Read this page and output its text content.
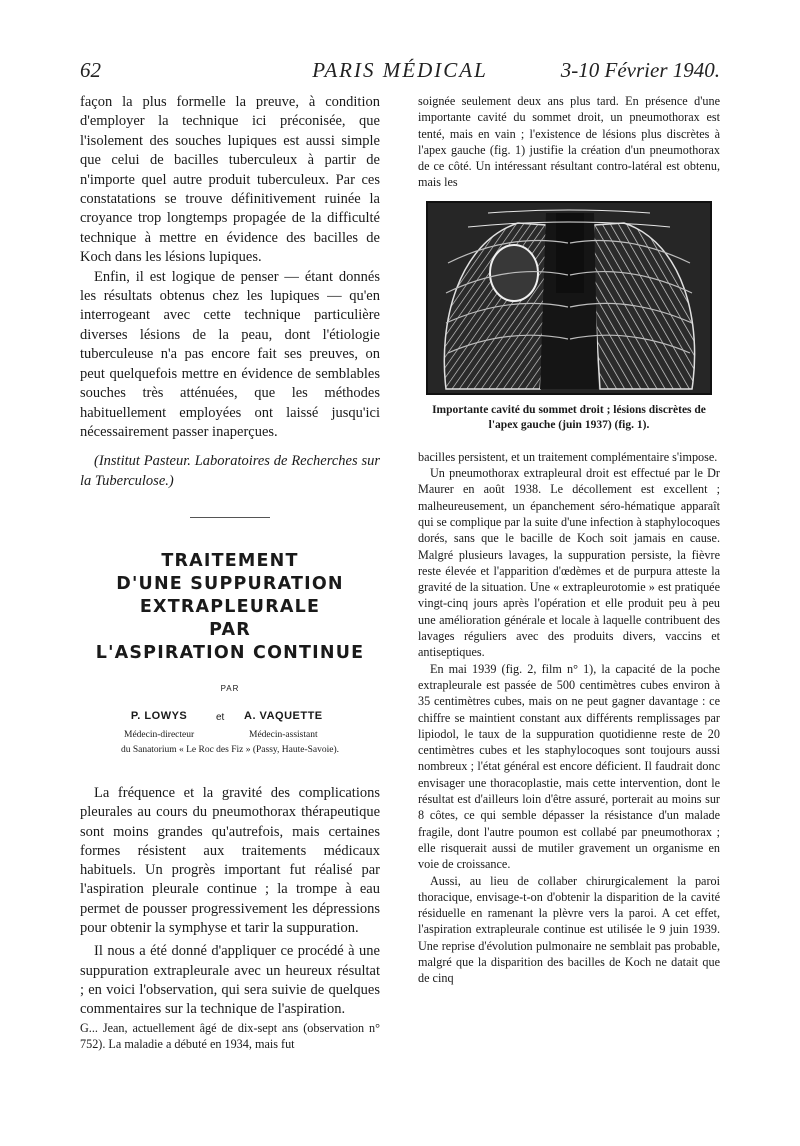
62	PARIS MÉDICAL	3-10 Février 1940.

façon la plus formelle la preuve, à condition d'employer la technique ici préconisée, que l'isolement des souches lupiques est aussi simple que celui de bacilles tuberculeux à partir de n'importe quel autre produit tuberculeux. Par ces constatations se trouve définitivement ruinée la croyance trop longtemps propagée de la difficulté technique à mettre en évidence des bacilles de Koch dans les lésions lupiques.

Enfin, il est logique de penser — étant donnés les résultats obtenus chez les lupiques — qu'en interrogeant avec cette technique particulière diverses lésions de la peau, dont l'étiologie tuberculeuse n'a pas encore fait ses preuves, on peut quelquefois mettre en évidence de semblables souches très atténuées, que les méthodes habituellement employées ont laissé jusqu'ici nécessairement passer inaperçues.

(Institut Pasteur. Laboratoires de Recherches sur la Tuberculose.)

TRAITEMENT
D'UNE SUPPURATION
EXTRAPLEURALE
PAR
L'ASPIRATION CONTINUE
PAR
P. LOWYS
Médecin-directeur
et A. VAQUETTE
Médecin-assistant
du Sanatorium « Le Roc des Fiz » (Passy, Haute-Savoie).

La fréquence et la gravité des complications pleurales au cours du pneumothorax thérapeutique sont moins grandes qu'autrefois, mais certaines formes résistent aux traitements médicaux habituels. Un progrès important fut réalisé par l'aspiration pleurale continue ; la trompe à eau permet de pousser progressivement les dépressions pour obtenir la symphyse et tarir la suppuration.

Il nous a été donné d'appliquer ce procédé à une suppuration extrapleurale avec un heureux résultat ; en voici l'observation, qui sera suivie de quelques commentaires sur la technique de l'aspiration.

G... Jean, actuellement âgé de dix-sept ans (observation n° 752). La maladie a débuté en 1934, mais fut

soignée seulement deux ans plus tard. En présence d'une importante cavité du sommet droit, un pneumothorax est tenté, mais en vain ; l'existence de lésions plus discrètes à l'apex gauche (fig. 1) justifie la création d'un pneumothorax de ce côté. Un intéressant résultant contro-latéral est obtenu, mais les

Importante cavité du sommet droit ; lésions discrètes de l'apex gauche (juin 1937) (fig. 1).

bacilles persistent, et un traitement complémentaire s'impose.

Un pneumothorax extrapleural droit est effectué par le Dr Maurer en août 1938. Le décollement est excellent ; malheureusement, un épanchement séro-hématique apparaît qui se complique par la suite d'une infection à staphylocoques dorés, sans que le bacille de Koch soit jamais en cause. Malgré plusieurs lavages, la suppuration persiste, la fièvre reste élevée et l'apparition d'œdèmes et de purpura atteste la gravité de la situation. Une « extrapleurotomie » est pratiquée vingt-cinq jours après l'opération et elle produit peu à peu une amélioration générale et locale à laquelle contribuent des lavages réguliers avec des produits divers, vaccins et antiseptiques.

En mai 1939 (fig. 2, film n° 1), la capacité de la poche extrapleurale est passée de 500 centimètres cubes environ à 35 centimètres cubes, mais on ne peut gagner davantage : ce chiffre se maintient constant aux différents remplissages par lipiodol, le taux de la suppuration quotidienne reste de 20 centimètres cubes et les staphylocoques sont toujours aussi nombreux ; l'état général est encore déficient. Il faudrait donc envisager une thoracoplastie, mais cette intervention, dont le résultat est d'ailleurs loin d'être assuré, porterait au moins sur 8 côtes, ce qui semble dépasser la résistance d'un malade fragile, dont l'autre poumon est collabé par pneumothorax ; elle risquerait aussi de mutiler gravement un organisme en voie de croissance.

Aussi, au lieu de collaber chirurgicalement la paroi thoracique, envisage-t-on d'obtenir la disparition de la cavité résiduelle en ramenant la plèvre vers la paroi. A cet effet, l'aspiration extrapleurale continue est utilisée le 9 juin 1939. Une reprise d'évolution pulmonaire ne semblait pas probable, malgré que la disparition des bacilles de Koch ne datait que de cinq
